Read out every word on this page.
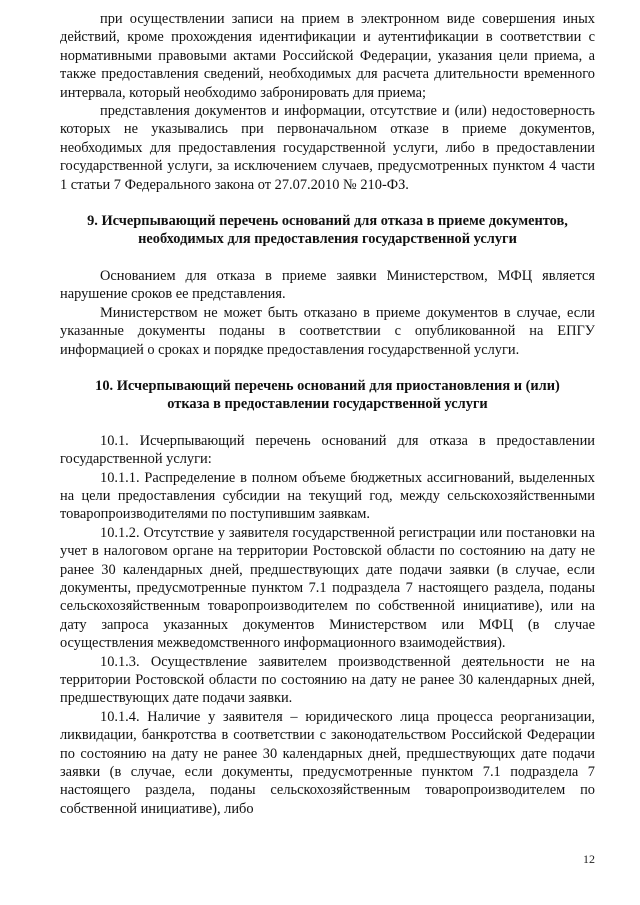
при осуществлении записи на прием в электронном виде совершения иных действий, кроме прохождения идентификации и аутентификации в соответствии с нормативными правовыми актами Российской Федерации, указания цели приема, а также предоставления сведений, необходимых для расчета длительности временного интервала, который необходимо забронировать для приема;

представления документов и информации, отсутствие и (или) недостоверность которых не указывались при первоначальном отказе в приеме документов, необходимых для предоставления государственной услуги, либо в предоставлении государственной услуги, за исключением случаев, предусмотренных пунктом 4 части 1 статьи 7 Федерального закона от 27.07.2010 № 210-ФЗ.

9. Исчерпывающий перечень оснований для отказа в приеме документов,
необходимых для предоставления государственной услуги

Основанием для отказа в приеме заявки Министерством, МФЦ является нарушение сроков ее представления.

Министерством не может быть отказано в приеме документов в случае, если указанные документы поданы в соответствии с опубликованной на ЕПГУ информацией о сроках и порядке предоставления государственной услуги.

10. Исчерпывающий перечень оснований для приостановления и (или)
отказа в предоставлении государственной услуги

10.1. Исчерпывающий перечень оснований для отказа в предоставлении государственной услуги:

10.1.1. Распределение в полном объеме бюджетных ассигнований, выделенных на цели предоставления субсидии на текущий год, между сельскохозяйственными товаропроизводителями по поступившим заявкам.

10.1.2. Отсутствие у заявителя государственной регистрации или постановки на учет в налоговом органе на территории Ростовской области по состоянию на дату не ранее 30 календарных дней, предшествующих дате подачи заявки (в случае, если документы, предусмотренные пунктом 7.1 подраздела 7 настоящего раздела, поданы сельскохозяйственным товаропроизводителем по собственной инициативе), или на дату запроса указанных документов Министерством или МФЦ (в случае осуществления межведомственного информационного взаимодействия).

10.1.3. Осуществление заявителем производственной деятельности не на территории Ростовской области по состоянию на дату не ранее 30 календарных дней, предшествующих дате подачи заявки.

10.1.4. Наличие у заявителя – юридического лица процесса реорганизации, ликвидации, банкротства в соответствии с законодательством Российской Федерации по состоянию на дату не ранее 30 календарных дней, предшествующих дате подачи заявки (в случае, если документы, предусмотренные пунктом 7.1 подраздела 7 настоящего раздела, поданы сельскохозяйственным товаропроизводителем по собственной инициативе), либо

12
